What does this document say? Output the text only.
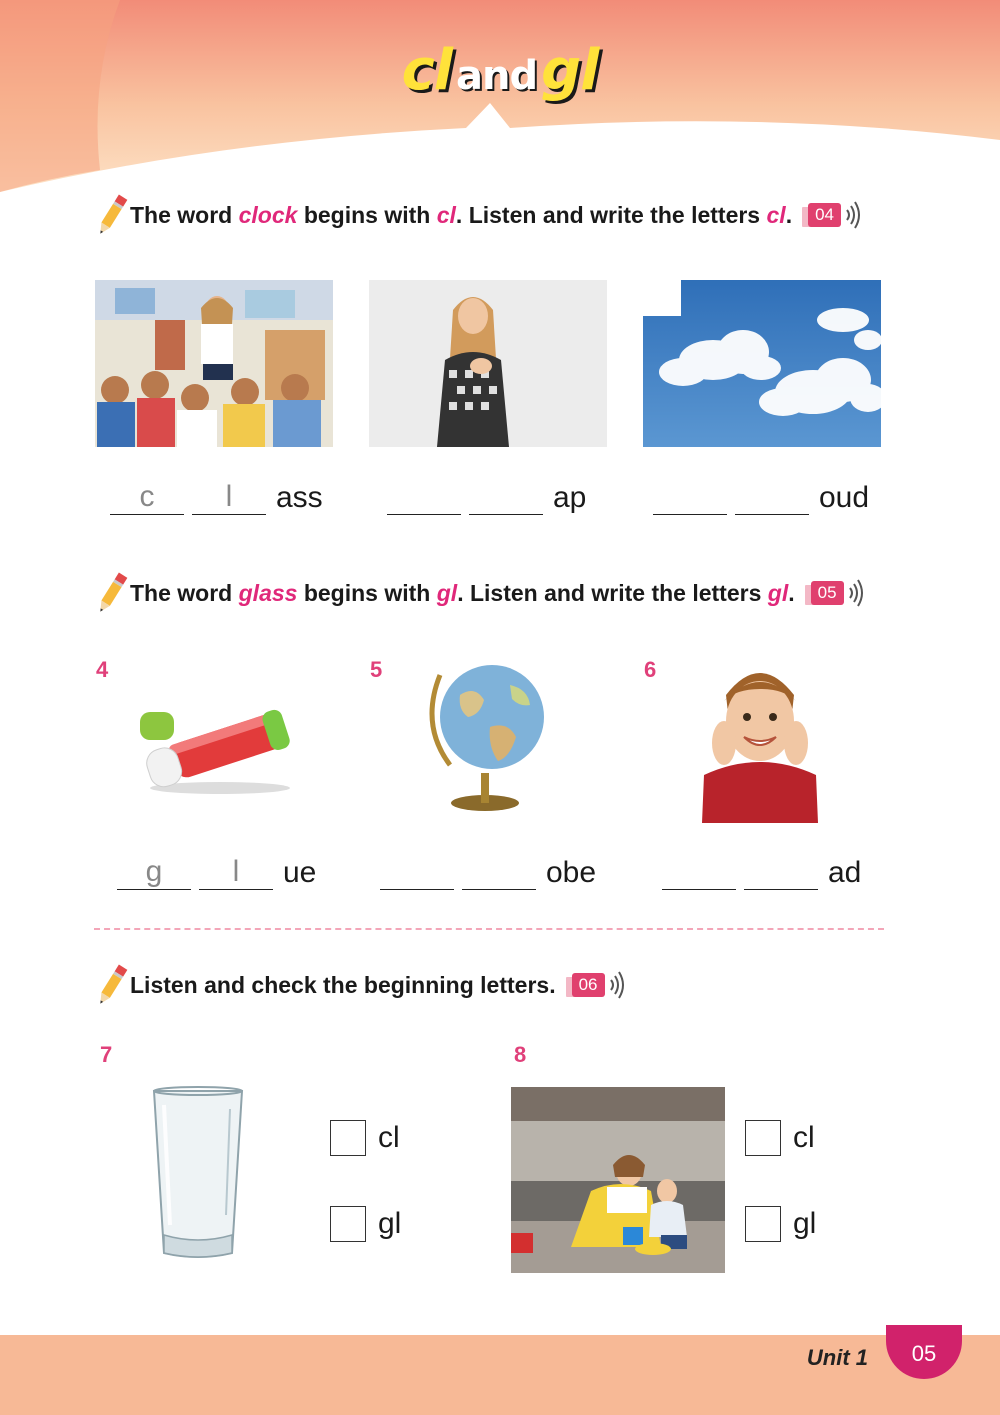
cl andgl
The word clock begins with cl. Listen and write the letters cl.	04
c	l	ass	ap	oud
The word glass begins with gl. Listen and write the letters gl.	05
4
g	l	ue
5
obe
6
ad
Listen and check the beginning letters.	06
7
cl
gl
8
cl
gl
Unit 1	05
